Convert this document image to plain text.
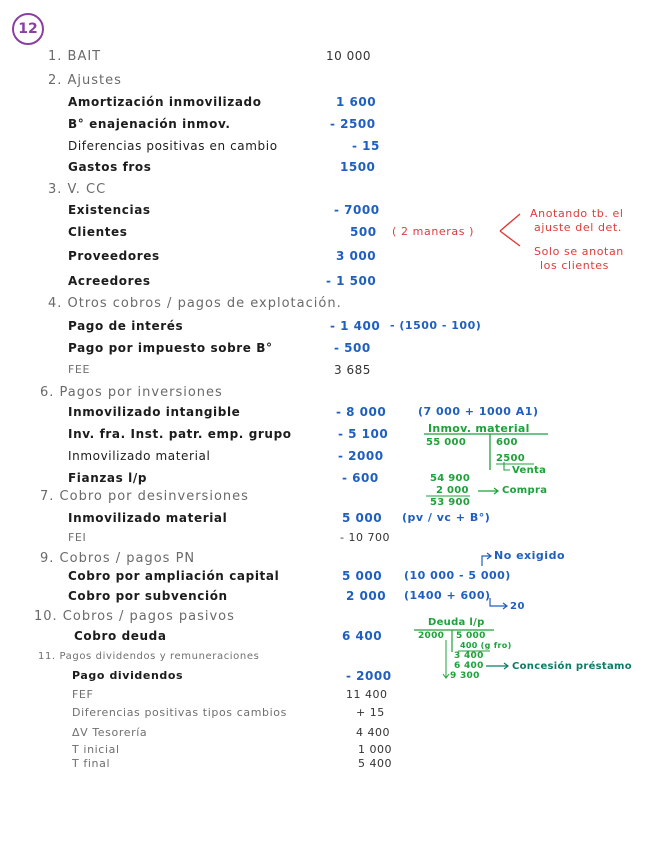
12
1. BAIT	10 000
2. Ajustes
Amortización inmovilizado	1 600
B° enajenación inmov.	- 2500
Diferencias positivas en cambio	- 15
Gastos fros	1500
3. V. CC
Existencias	- 7000
Clientes	500
Proveedores	3 000
Acreedores	- 1 500
4. Otros cobros / pagos de explotación.
Pago de interés	- 1 400
Pago por impuesto sobre B°	- 500
FEE	3 685
6. Pagos por inversiones
Inmovilizado intangible	- 8 000
Inv. fra. Inst. patr. emp. grupo	- 5 100
Inmovilizado material	- 2000
Fianzas l/p	- 600
7. Cobro por desinversiones
Inmovilizado material	5 000
FEI	- 10 700
9. Cobros / pagos PN
Cobro por ampliación capital	5 000
Cobro por subvención	2 000
10. Cobros / pagos pasivos
Cobro deuda	6 400
11. Pagos dividendos y remuneraciones
Pago dividendos	- 2000
FEF	11 400
Diferencias positivas tipos cambios	+ 15
ΔV Tesorería	4 400
T inicial	1 000
T final	5 400
( 2 maneras )
Anotando tb. el
ajuste del det.
Solo se anotan
los clientes
- (1500 - 100)
(7 000 + 1000 A1)
(pv / vc + B°)
No exigido
(10 000 - 5 000)
(1400 + 600)
20
Inmov. material
55 000	600
2500
Venta
54 900
2 000	Compra
53 900
Deuda l/p
2000 5 000
400 (g fro)
3 400
6 400	Concesión préstamo
9 300
